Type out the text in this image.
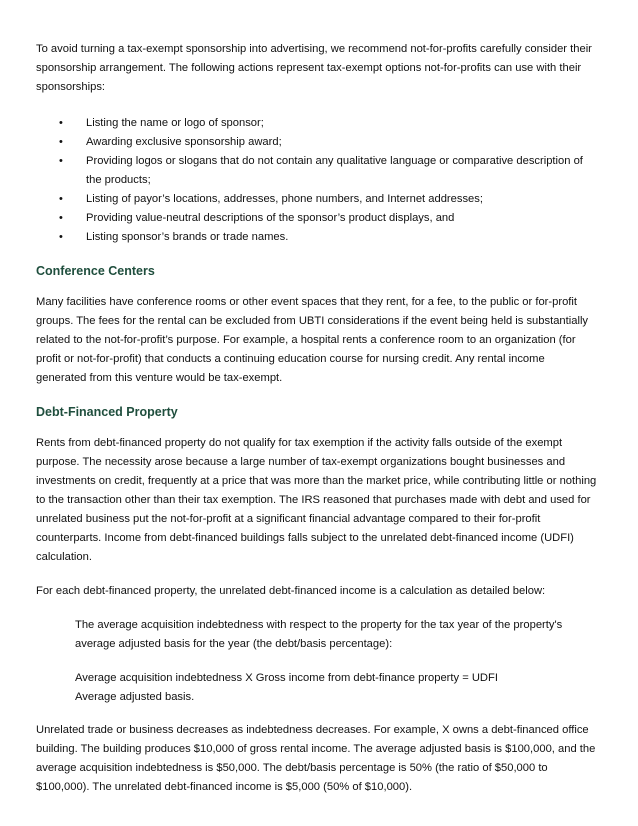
To avoid turning a tax-exempt sponsorship into advertising, we recommend not-for-profits carefully consider their sponsorship arrangement. The following actions represent tax-exempt options not-for-profits can use with their sponsorships:

• Listing the name or logo of sponsor;
• Awarding exclusive sponsorship award;
• Providing logos or slogans that do not contain any qualitative language or comparative description of the products;
• Listing of payor’s locations, addresses, phone numbers, and Internet addresses;
• Providing value-neutral descriptions of the sponsor’s product displays, and
• Listing sponsor’s brands or trade names.
Conference Centers

Many facilities have conference rooms or other event spaces that they rent, for a fee, to the public or for-profit groups. The fees for the rental can be excluded from UBTI considerations if the event being held is substantially related to the not-for-profit’s purpose. For example, a hospital rents a conference room to an organization (for profit or not-for-profit) that conducts a continuing education course for nursing credit. Any rental income generated from this venture would be tax-exempt.

Debt-Financed Property

Rents from debt-financed property do not qualify for tax exemption if the activity falls outside of the exempt purpose. The necessity arose because a large number of tax-exempt organizations bought businesses and investments on credit, frequently at a price that was more than the market price, while contributing little or nothing to the transaction other than their tax exemption. The IRS reasoned that purchases made with debt and used for unrelated business put the not-for-profit at a significant financial advantage compared to their for-profit counterparts. Income from debt-financed buildings falls subject to the unrelated debt-financed income (UDFI) calculation.

For each debt-financed property, the unrelated debt-financed income is a calculation as detailed below:

The average acquisition indebtedness with respect to the property for the tax year of the property's average adjusted basis for the year (the debt/basis percentage):

Average acquisition indebtedness X Gross income from debt-finance property = UDFI

Average adjusted basis.

Unrelated trade or business decreases as indebtedness decreases. For example, X owns a debt-financed office building. The building produces $10,000 of gross rental income. The average adjusted basis is $100,000, and the average acquisition indebtedness is $50,000. The debt/basis percentage is 50% (the ratio of $50,000 to $100,000). The unrelated debt-financed income is $5,000 (50% of $10,000).
